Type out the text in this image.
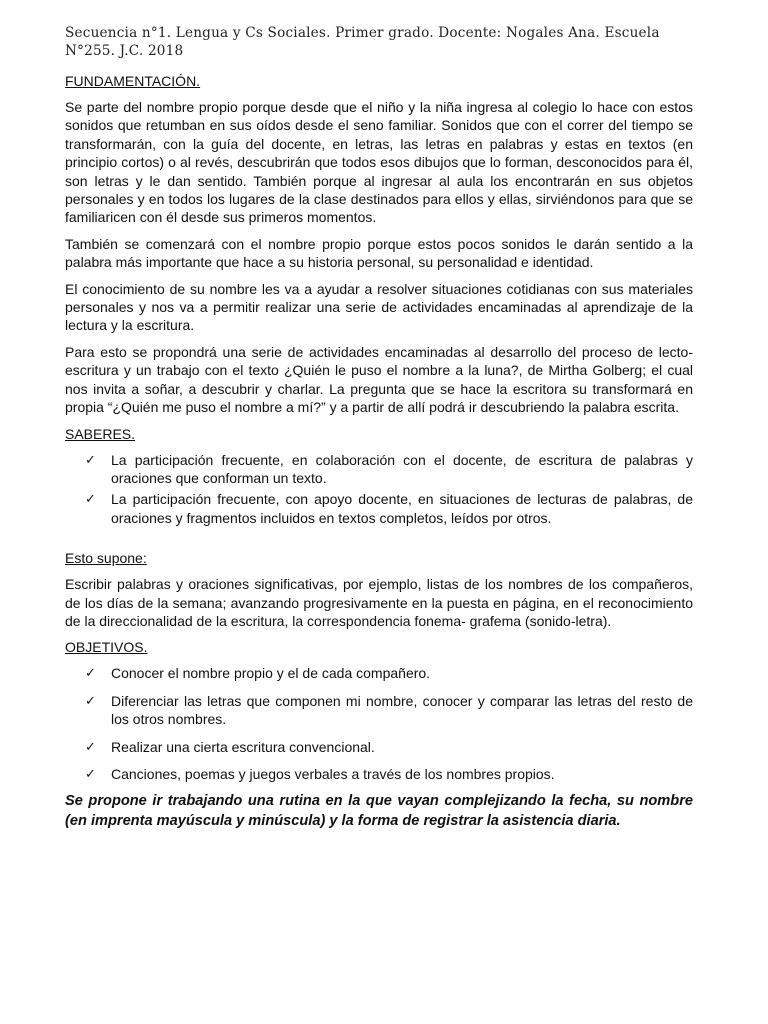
Secuencia n°1. Lengua y Cs Sociales. Primer grado. Docente: Nogales Ana. Escuela N°255. J.C. 2018
FUNDAMENTACIÓN.

Se parte del nombre propio porque desde que el niño y la niña ingresa al colegio lo hace con estos sonidos que retumban en sus oídos desde el seno familiar. Sonidos que con el correr del tiempo se transformarán, con la guía del docente, en letras, las letras en palabras y estas en textos (en principio cortos) o al revés, descubrirán que todos esos dibujos que lo forman, desconocidos para él, son letras y le dan sentido. También porque al ingresar al aula los encontrarán en sus objetos personales y en todos los lugares de la clase destinados para ellos y ellas, sirviéndonos para que se familiaricen con él desde sus primeros momentos.

También se comenzará con el nombre propio porque estos pocos sonidos le darán sentido a la palabra más importante que hace a su historia personal, su personalidad e identidad.

El conocimiento de su nombre les va a ayudar a resolver situaciones cotidianas con sus materiales personales y nos va a permitir realizar una serie de actividades encaminadas al aprendizaje de la lectura y la escritura.

Para esto se propondrá una serie de actividades encaminadas al desarrollo del proceso de lecto-escritura y un trabajo con el texto ¿Quién le puso el nombre a la luna?, de Mirtha Golberg; el cual nos invita a soñar, a descubrir y charlar. La pregunta que se hace la escritora su transformará en propia “¿Quién me puso el nombre a mí?” y a partir de allí podrá ir descubriendo la palabra escrita.

SABERES.
✓ La participación frecuente, en colaboración con el docente, de escritura de palabras y oraciones que conforman un texto.
✓ La participación frecuente, con apoyo docente, en situaciones de lecturas de palabras, de oraciones y fragmentos incluidos en textos completos, leídos por otros.
Esto supone:

Escribir palabras y oraciones significativas, por ejemplo, listas de los nombres de los compañeros, de los días de la semana; avanzando progresivamente en la puesta en página, en el reconocimiento de la direccionalidad de la escritura, la correspondencia fonema- grafema (sonido-letra).

OBJETIVOS.
✓ Conocer el nombre propio y el de cada compañero.
✓ Diferenciar las letras que componen mi nombre, conocer y comparar las letras del resto de los otros nombres.
✓ Realizar una cierta escritura convencional.
✓ Canciones, poemas y juegos verbales a través de los nombres propios.

Se propone ir trabajando una rutina en la que vayan complejizando la fecha, su nombre (en imprenta mayúscula y minúscula) y la forma de registrar la asistencia diaria.
